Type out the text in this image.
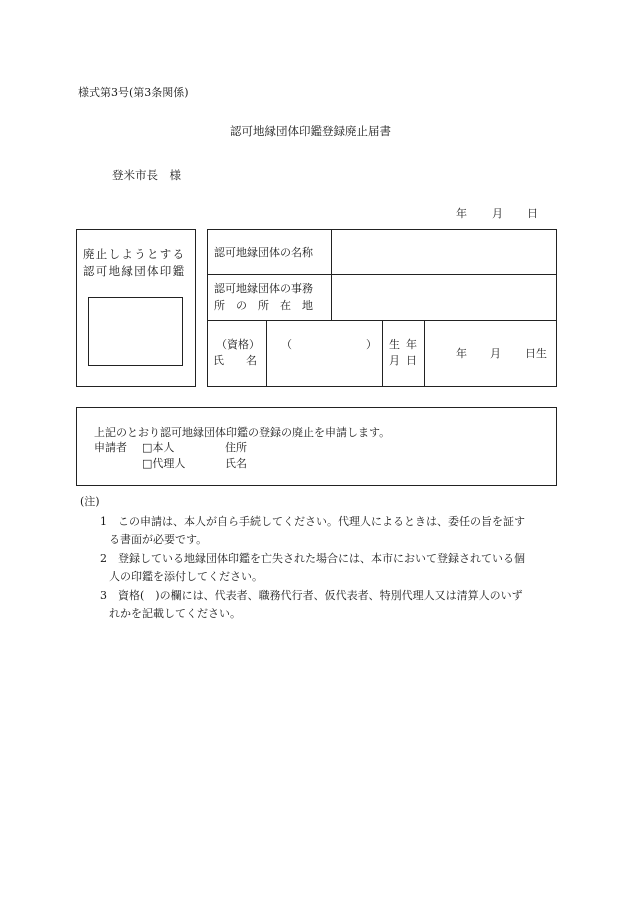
様式第3号(第3条関係)
認可地縁団体印鑑登録廃止届書
登米市長　様
年 月 日
廃止しようとする
認可地縁団体印鑑
認可地縁団体の名称
認可地縁団体の事務
所　の　所　在　地
（資格）
氏　　名
（	） 生 年
月 日
年 月 日生
上記のとおり認可地縁団体印鑑の登録の廃止を申請します。
申請者 □本人
□代理人
住所
氏名
(注)
1 この申請は、本人が自ら手続してください。代理人によるときは、委任の旨を証す
る書面が必要です。
2 登録している地縁団体印鑑を亡失された場合には、本市において登録されている個
人の印鑑を添付してください。
3 資格(　)の欄には、代表者、職務代行者、仮代表者、特別代理人又は清算人のいず
れかを記載してください。
